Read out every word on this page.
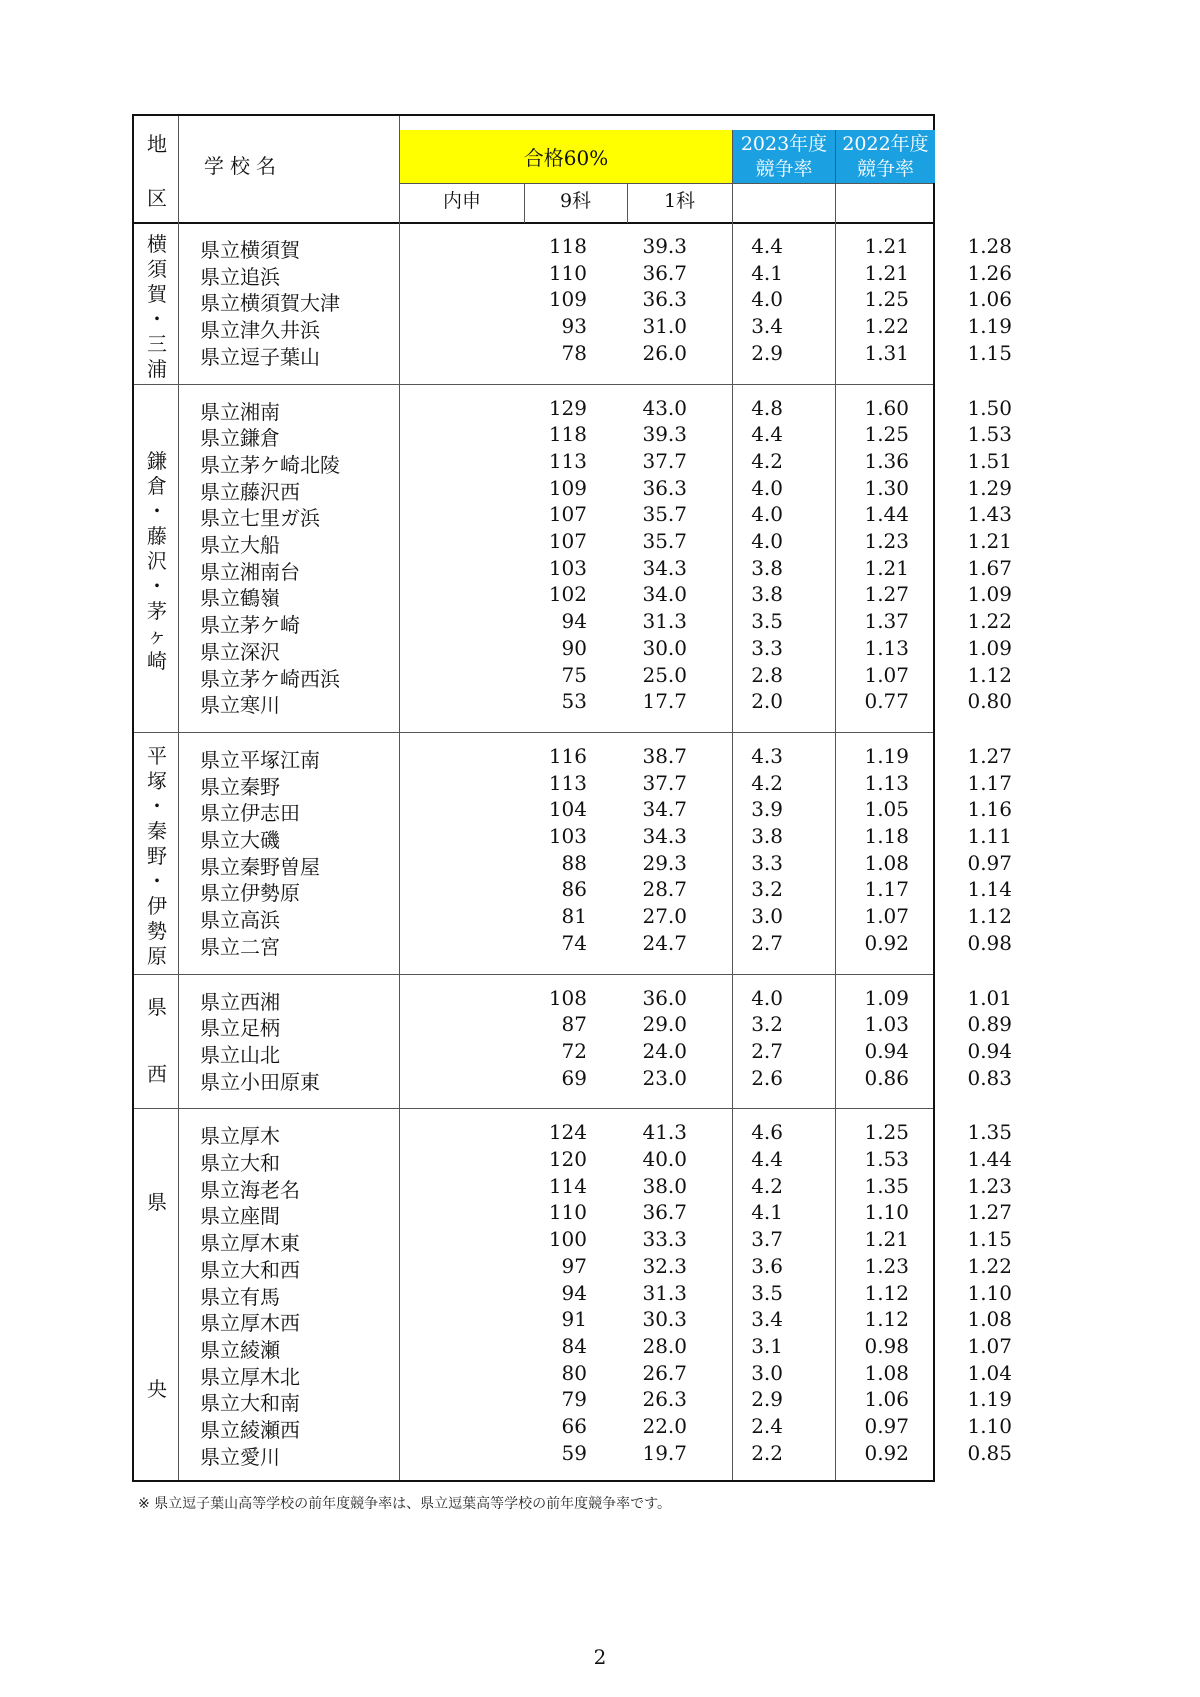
地
区
学校名	合格60%
2023年度
競争率
2022年度
競争率
内申	9科	1科
横
須
賀
・
三
浦
県立横須賀	118	39.3	4.4	1.21	1.28
県立追浜	110	36.7	4.1	1.21	1.26
県立横須賀大津	109	36.3	4.0	1.25	1.06
県立津久井浜	93	31.0	3.4	1.22	1.19
県立逗子葉山	78	26.0	2.9	1.31	1.15
鎌
倉
・
藤
沢
・
茅
ヶ
崎
県立湘南	129	43.0	4.8	1.60	1.50
県立鎌倉	118	39.3	4.4	1.25	1.53
県立茅ケ崎北陵	113	37.7	4.2	1.36	1.51
県立藤沢西	109	36.3	4.0	1.30	1.29
県立七里ガ浜	107	35.7	4.0	1.44	1.43
県立大船	107	35.7	4.0	1.23	1.21
県立湘南台	103	34.3	3.8	1.21	1.67
県立鶴嶺	102	34.0	3.8	1.27	1.09
県立茅ケ崎	94	31.3	3.5	1.37	1.22
県立深沢	90	30.0	3.3	1.13	1.09
県立茅ケ崎西浜	75	25.0	2.8	1.07	1.12
県立寒川	53	17.7	2.0	0.77	0.80
平
塚
・
秦
野
・
伊
勢
原
県立平塚江南	116	38.7	4.3	1.19	1.27
県立秦野	113	37.7	4.2	1.13	1.17
県立伊志田	104	34.7	3.9	1.05	1.16
県立大磯	103	34.3	3.8	1.18	1.11
県立秦野曽屋	88	29.3	3.3	1.08	0.97
県立伊勢原	86	28.7	3.2	1.17	1.14
県立高浜	81	27.0	3.0	1.07	1.12
県立二宮	74	24.7	2.7	0.92	0.98
県
西
県立西湘	108	36.0	4.0	1.09	1.01
県立足柄	87	29.0	3.2	1.03	0.89
県立山北	72	24.0	2.7	0.94	0.94
県立小田原東	69	23.0	2.6	0.86	0.83
県
央
県立厚木	124	41.3	4.6	1.25	1.35
県立大和	120	40.0	4.4	1.53	1.44
県立海老名	114	38.0	4.2	1.35	1.23
県立座間	110	36.7	4.1	1.10	1.27
県立厚木東	100	33.3	3.7	1.21	1.15
県立大和西	97	32.3	3.6	1.23	1.22
県立有馬	94	31.3	3.5	1.12	1.10
県立厚木西	91	30.3	3.4	1.12	1.08
県立綾瀬	84	28.0	3.1	0.98	1.07
県立厚木北	80	26.7	3.0	1.08	1.04
県立大和南	79	26.3	2.9	1.06	1.19
県立綾瀬西	66	22.0	2.4	0.97	1.10
県立愛川	59	19.7	2.2	0.92	0.85
※ 県立逗子葉山高等学校の前年度競争率は、県立逗葉高等学校の前年度競争率です。
2
